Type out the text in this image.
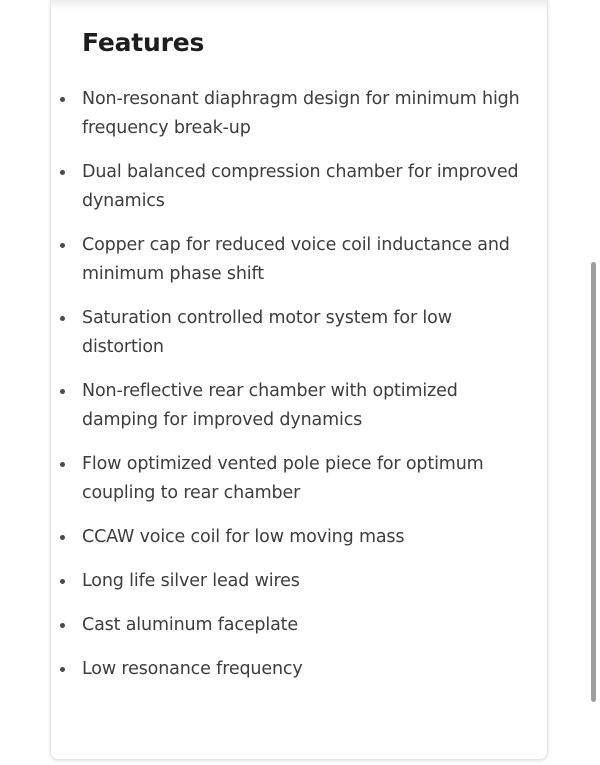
Features
Non-resonant diaphragm design for minimum high frequency break-up
Dual balanced compression chamber for improved dynamics
Copper cap for reduced voice coil inductance and minimum phase shift
Saturation controlled motor system for low distortion
Non-reflective rear chamber with optimized damping for improved dynamics
Flow optimized vented pole piece for optimum coupling to rear chamber
CCAW voice coil for low moving mass
Long life silver lead wires
Cast aluminum faceplate
Low resonance frequency
